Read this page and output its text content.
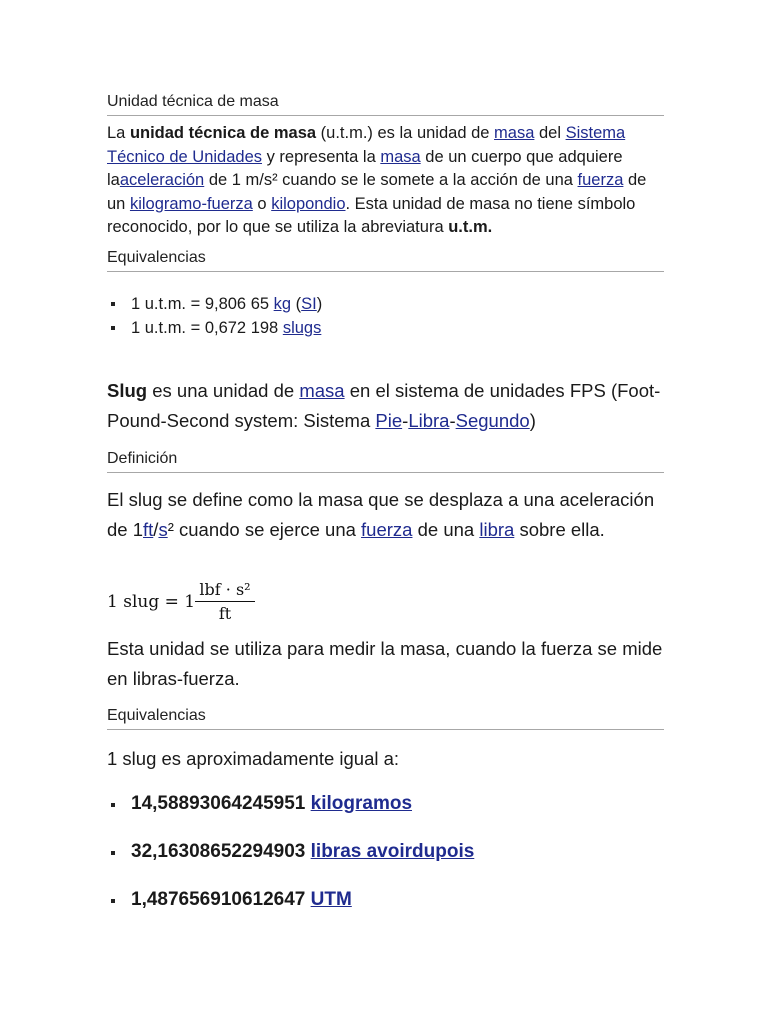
Unidad técnica de masa
La unidad técnica de masa (u.t.m.) es la unidad de masa del Sistema Técnico de Unidades y representa la masa de un cuerpo que adquiere laaceleración de 1 m/s² cuando se le somete a la acción de una fuerza de un kilogramo-fuerza o kilopondio. Esta unidad de masa no tiene símbolo reconocido, por lo que se utiliza la abreviatura u.t.m.
Equivalencias
1 u.t.m. = 9,806 65 kg (SI)
1 u.t.m. = 0,672 198 slugs
Slug es una unidad de masa en el sistema de unidades FPS (Foot-Pound-Second system: Sistema Pie-Libra-Segundo)
Definición
El slug se define como la masa que se desplaza a una aceleración de 1ft/s² cuando se ejerce una fuerza de una libra sobre ella.
1 slug = 1
lbf · s²
ft
Esta unidad se utiliza para medir la masa, cuando la fuerza se mide en libras-fuerza.
Equivalencias
1 slug es aproximadamente igual a:
14,58893064245951 kilogramos
32,16308652294903 libras avoirdupois
1,487656910612647 UTM
